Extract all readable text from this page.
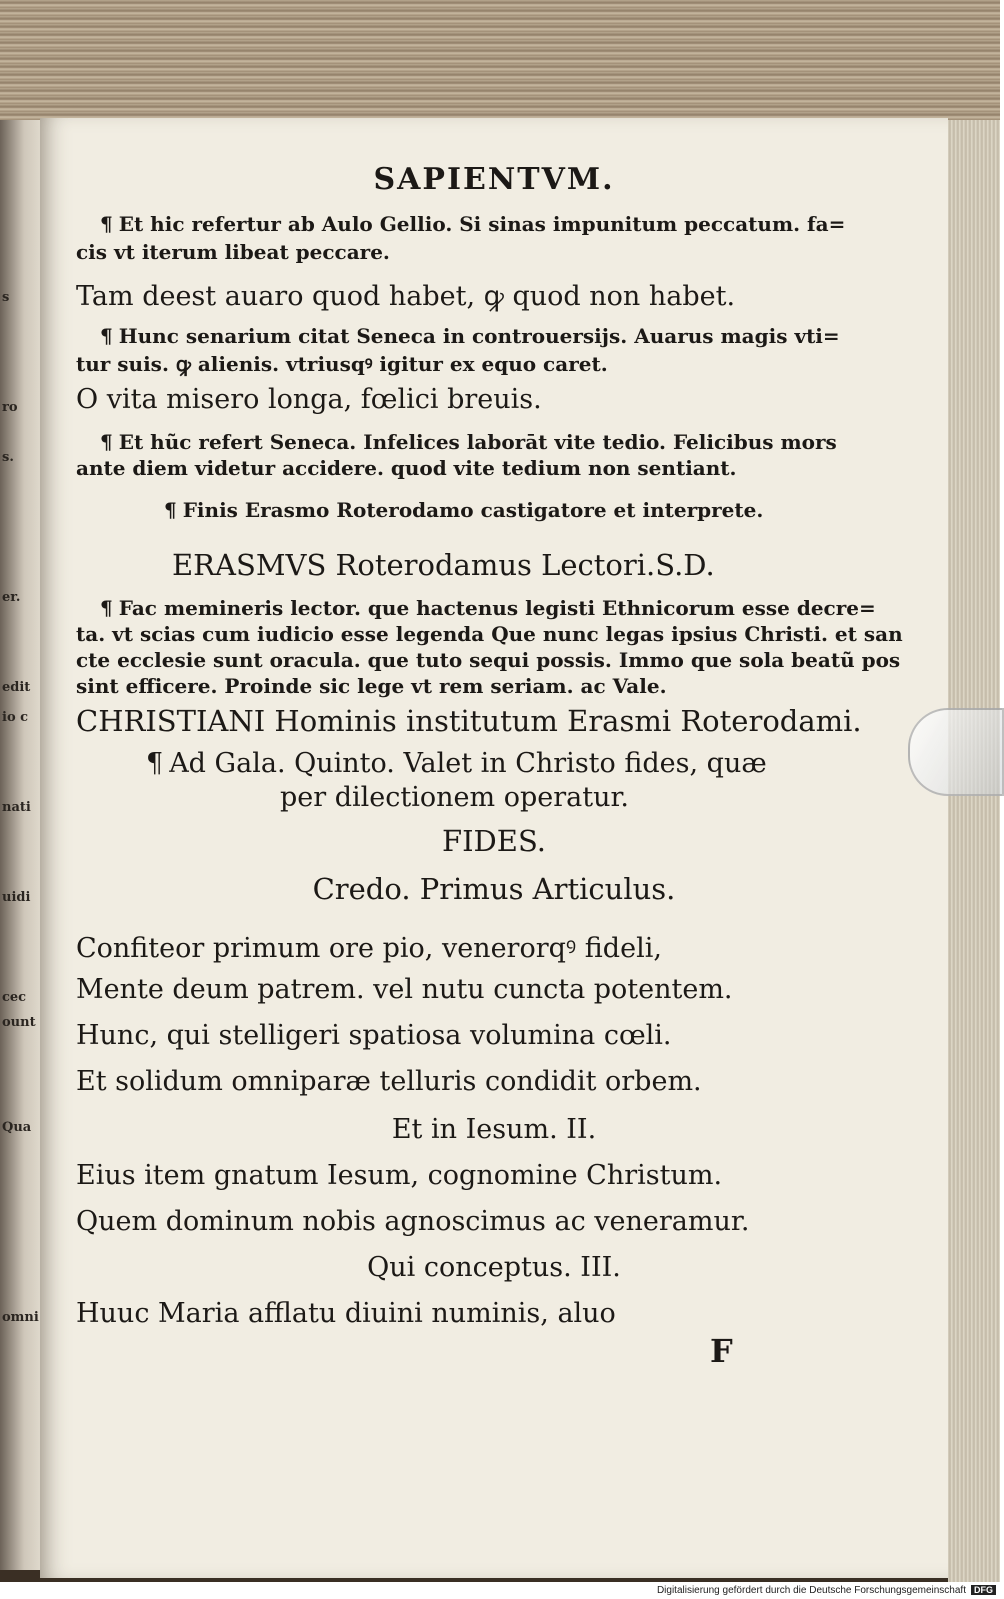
s
ro
s.
er.
edit
io c
nati
uidi
cec
ount
Qua
omni
SAPIENTVM.
¶ Et hic refertur ab Aulo Gellio. Si sinas impunitum peccatum. fa=
cis vt iterum libeat peccare.
Tam deest auaro quod habet, ꝙ quod non habet.
¶ Hunc senarium citat Seneca in controuersijs. Auarus magis vti=
tur suis. ꝙ alienis. vtriusqꝰ igitur ex equo caret.
O vita misero longa, fœlici breuis.
¶ Et hũc refert Seneca. Infelices laborāt vite tedio. Felicibus mors
ante diem videtur accidere. quod vite tedium non sentiant.
¶ Finis Erasmo Roterodamo castigatore et interprete.
ERASMVS Roterodamus Lectori.S.D.
¶ Fac memineris lector. que hactenus legisti Ethnicorum esse decre=
ta. vt scias cum iudicio esse legenda Que nunc legas ipsius Christi. et san
cte ecclesie sunt oracula. que tuto sequi possis. Immo que sola beatũ pos
sint efficere. Proinde sic lege vt rem seriam. ac Vale.
CHRISTIANI Hominis institutum Erasmi Roterodami.
¶ Ad Gala. Quinto. Valet in Christo fides, quæ
per dilectionem operatur.
FIDES.
Credo. Primus Articulus.
Confiteor primum ore pio, venerorqꝰ fideli,
Mente deum patrem. vel nutu cuncta potentem.
Hunc, qui stelligeri spatiosa volumina cœli.
Et solidum omniparæ telluris condidit orbem.
Et in Iesum. II.
Eius item gnatum Iesum, cognomine Christum.
Quem dominum nobis agnoscimus ac veneramur.
Qui conceptus. III.
Huuc Maria afflatu diuini numinis, aluo
F
Digitalisierung gefördert durch die Deutsche Forschungsgemeinschaft DFG
